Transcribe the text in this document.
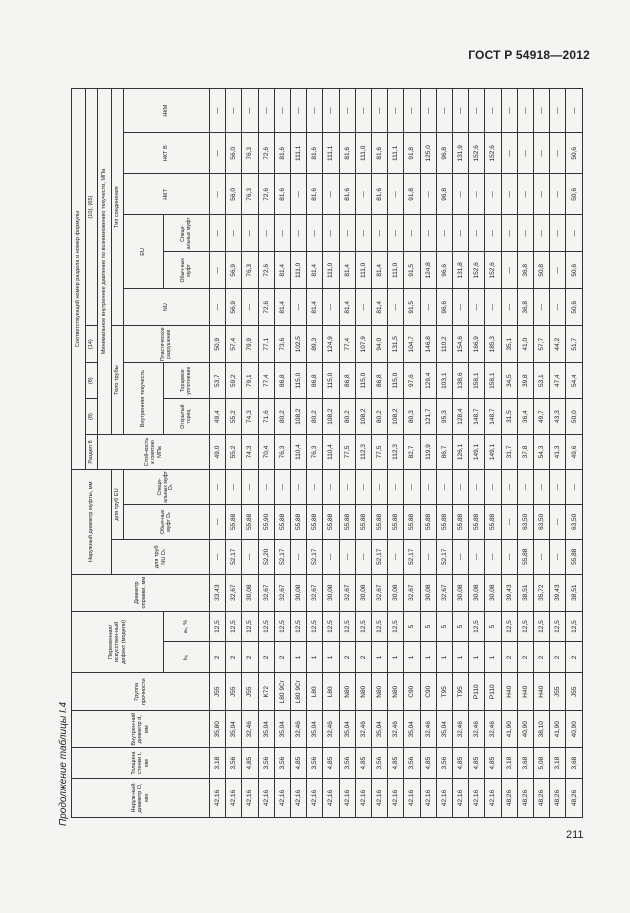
ГОСТ Р 54918—2012
Продолжение таблицы I.4	Наруж-ный диаметр D, мм	Толщина стенки t, мм	Внутрен-ний диаметр d, мм	Группа прочности	Переменная/ искусствен-ный дефект (модели)		Диаметр оправки, мм	Наружный диаметр муфты, мм			Соответствующий номер раздела и номер формулы									
										Раздел 8	(8)	(8)	(14)	(10), (65)					
										Стой-кость к смятию МПа	Минимальное внутреннее давление по возникновению текучести, МПа								
							для труб NU Dₙ	для труб EU			Тело трубы			Тип соединения					
								Обыч-ных муфт Dₙ	Специ-альных муфт Dₙ		Внутренняя текучесть		Пластическое разрушение	NU	EU		НКТ	НКТ В	НКМ
				kₑ	aₙ, %						Открытый торец	Торцевое уплотнение			Обыч-ных муфт	Специ-альных муфт			
42,16	3,18	35,80	J55	2	12,5	33,43	—	—	—	49,0	49,4	53,7	50,9	—	—	—	—	—	—
42,16	3,56	35,04	J55	2	12,5	32,67	52,17	55,88	—	55,2	55,2	59,2	57,4	56,9	56,9	—	56,0	56,0	—
42,16	4,85	32,46	J55	2	12,5	30,08	—	55,88	—	74,3	74,3	79,1	79,9	—	76,3	—	76,3	76,3	—
42,16	3,56	35,04	K72	2	12,5	32,67	52,20	55,90	—	70,4	71,6	77,4	77,1	72,6	72,6	—	72,6	72,6	—
42,16	3,56	35,04	L80 9Cr	2	12,5	32,67	52,17	55,88	—	76,3	80,2	86,8	73,6	81,4	81,4	—	81,6	81,6	—
42,16	4,85	32,46	L80 9Cr	1	12,5	30,08	—	55,88	—	110,4	108,2	115,0	102,5	—	111,0	—	—	111,1	—
42,16	3,56	35,04	L80	1	12,5	32,67	52,17	55,88	—	76,3	80,2	86,8	89,3	81,4	81,4	—	81,6	81,6	—
42,16	4,85	32,46	L80	1	12,5	30,08	—	55,88	—	110,4	108,2	115,0	124,9	—	111,0	—	—	111,1	—
42,16	3,56	35,04	N80	2	12,5	32,67	—	55,88	—	77,5	80,2	86,8	77,4	81,4	81,4	—	81,6	81,6	—
42,16	4,85	32,46	N80	2	12,5	30,08	—	55,88	—	112,3	108,2	115,0	107,9	—	111,0	—	—	111,0	—
42,16	3,56	35,04	N80	1	12,5	32,67	52,17	55,88	—	77,5	80,2	86,8	94,0	81,4	81,4	—	81,6	81,6	—
42,16	4,85	32,46	N80	1	12,5	30,08	—	55,88	—	112,3	108,2	115,0	131,5	—	111,0	—	—	111,1	—
42,16	3,56	35,04	C90	1	5	32,67	52,17	55,88	—	82,7	80,3	97,6	104,7	91,5	91,5	—	91,8	91,8	—
42,16	4,85	32,46	C90	1	5	30,08	—	55,88	—	119,9	121,7	129,4	146,8	—	124,8	—	—	125,0	—
42,16	3,56	35,04	T95	1	5	32,67	52,17	55,88	—	86,7	95,3	103,1	110,2	96,6	96,6	—	96,8	96,8	—
42,16	4,85	32,46	T95	1	5	30,08	—	55,88	—	126,1	128,4	138,6	154,6	—	131,8	—	—	131,9	—
42,16	4,85	32,46	P110	1	12,5	30,08	—	55,88	—	149,1	148,7	158,1	166,9	—	152,6	—	—	152,6	—
42,16	4,85	32,46	P110	1	5	30,08	—	55,88	—	149,1	148,7	158,1	185,3	—	152,6	—	—	152,6	—
48,26	3,18	41,90	H40	2	12,5	39,43	—	—	—	31,7	31,5	34,5	35,1	—	—	—	—	—	—
48,26	3,68	40,90	H40	2	12,5	38,51	55,88	63,50	—	37,8	36,4	39,8	41,0	36,8	36,8	—	—	—	—
48,26	5,08	38,10	H40	2	12,5	35,72	—	63,50	—	54,3	49,7	53,1	57,7	—	50,8	—	—	—	—
48,26	3,18	41,90	J55	2	12,5	39,43	—	—	—	41,3	43,3	47,4	44,2	—	—	—	—	—	—
48,26	3,68	40,90	J55	2	12,5	38,51	55,88	63,50	—	49,6	50,0	54,4	51,7	50,6	50,6	—	50,6	50,6	—
211
